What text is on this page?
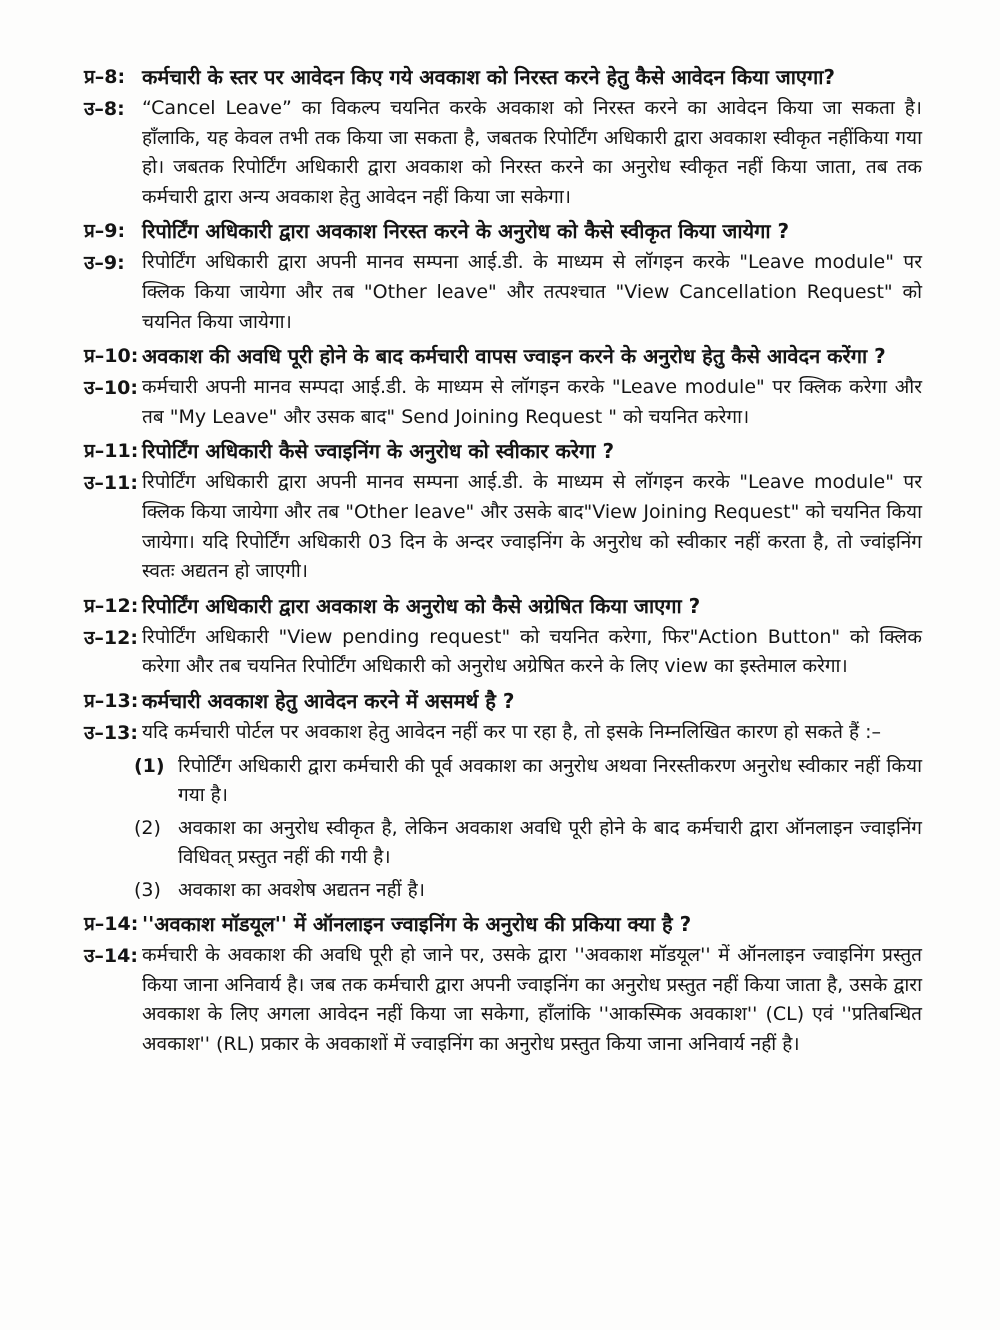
प्र–8: कर्मचारी के स्तर पर आवेदन किए गये अवकाश को निरस्त करने हेतु कैसे आवेदन किया जाएगा?
उ–8: “Cancel Leave” का विकल्प चयनित करके अवकाश को निरस्त करने का आवेदन किया जा सकता है।हाँलाकि, यह केवल तभी तक किया जा सकता है, जबतक रिपोर्टिंग अधिकारी द्वारा अवकाश स्वीकृत नहींकिया गया हो। जबतक रिपोर्टिंग अधिकारी द्वारा अवकाश को निरस्त करने का अनुरोध स्वीकृत नहीं किया जाता, तब तक कर्मचारी द्वारा अन्य अवकाश हेतु आवेदन नहीं किया जा सकेगा।
प्र–9: रिपोर्टिंग अधिकारी द्वारा अवकाश निरस्त करने के अनुरोध को कैसे स्वीकृत किया जायेगा ?
उ–9: रिपोर्टिंग अधिकारी द्वारा अपनी मानव सम्पना आई.डी. के माध्यम से लॉगइन करके "Leave module" पर क्लिक किया जायेगा और तब "Other leave" और तत्पश्चात "View Cancellation Request" को चयनित किया जायेगा।
प्र–10: अवकाश की अवधि पूरी होने के बाद कर्मचारी वापस ज्वाइन करने के अनुरोध हेतु कैसे आवेदन करेंगा ?
उ–10: कर्मचारी अपनी मानव सम्पदा आई.डी. के माध्यम से लॉगइन करके "Leave module" पर क्लिक करेगा और तब "My Leave" और उसक बाद" Send Joining Request " को चयनित करेगा।
प्र–11: रिपोर्टिंग अधिकारी कैसे ज्वाइनिंग के अनुरोध को स्वीकार करेगा ?
उ–11: रिपोर्टिंग अधिकारी द्वारा अपनी मानव सम्पना आई.डी. के माध्यम से लॉगइन करके "Leave module" पर क्लिक किया जायेगा और तब "Other leave" और उसके बाद"View Joining Request" को चयनित किया जायेगा। यदि रिपोर्टिंग अधिकारी 03 दिन के अन्दर ज्वाइनिंग के अनुरोध को स्वीकार नहीं करता है, तो ज्वांइनिंग स्वतः अद्यतन हो जाएगी।
प्र–12: रिपोर्टिंग अधिकारी द्वारा अवकाश के अनुरोध को कैसे अग्रेषित किया जाएगा ?
उ–12: रिपोर्टिंग अधिकारी "View pending request" को चयनित करेगा, फिर"Action Button" को क्लिक करेगा और तब चयनित रिपोर्टिंग अधिकारी को अनुरोध अग्रेषित करने के लिए view का इस्तेमाल करेगा।
प्र–13: कर्मचारी अवकाश हेतु आवेदन करने में असमर्थ है ?
उ–13: यदि कर्मचारी पोर्टल पर अवकाश हेतु आवेदन नहीं कर पा रहा है, तो इसके निम्नलिखित कारण हो सकते हैं :–
(1) रिपोर्टिंग अधिकारी द्वारा कर्मचारी की पूर्व अवकाश का अनुरोध अथवा निरस्तीकरण अनुरोध स्वीकार नहीं किया गया है।
(2) अवकाश का अनुरोध स्वीकृत है, लेकिन अवकाश अवधि पूरी होने के बाद कर्मचारी द्वारा ऑनलाइन ज्वाइनिंग विधिवत् प्रस्तुत नहीं की गयी है।
(3) अवकाश का अवशेष अद्यतन नहीं है।
प्र–14: ''अवकाश मॉडयूल'' में ऑनलाइन ज्वाइनिंग के अनुरोध की प्रकिया क्या है ?
उ–14: कर्मचारी के अवकाश की अवधि पूरी हो जाने पर, उसके द्वारा ''अवकाश मॉडयूल'' में ऑनलाइन ज्वाइनिंग प्रस्तुत किया जाना अनिवार्य है। जब तक कर्मचारी द्वारा अपनी ज्वाइनिंग का अनुरोध प्रस्तुत नहीं किया जाता है, उसके द्वारा अवकाश के लिए अगला आवेदन नहीं किया जा सकेगा, हाँलांकि ''आकस्मिक अवकाश'' (CL) एवं ''प्रतिबन्धित अवकाश'' (RL) प्रकार के अवकाशों में ज्वाइनिंग का अनुरोध प्रस्तुत किया जाना अनिवार्य नहीं है।
